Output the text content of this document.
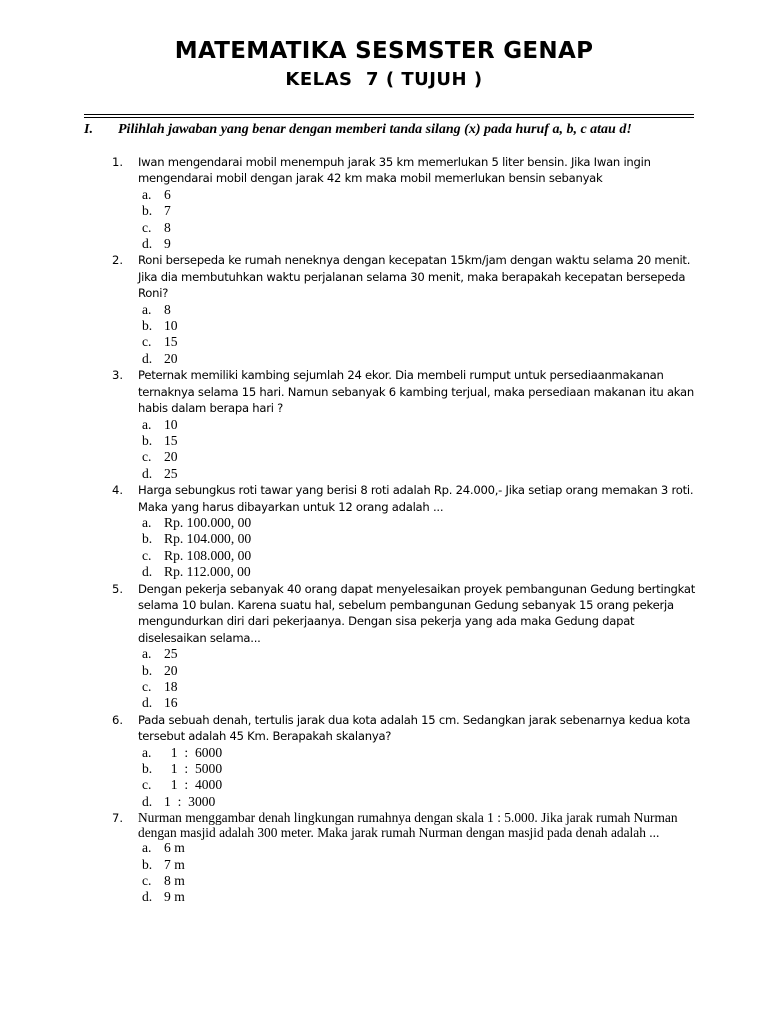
MATEMATIKA SESMSTER GENAP
KELAS  7 ( TUJUH )
I. Pilihlah jawaban yang benar dengan memberi tanda silang (x) pada huruf a, b, c atau d!
1. Iwan mengendarai mobil menempuh jarak 35 km memerlukan 5 liter bensin. Jika Iwan ingin mengendarai mobil dengan jarak 42 km maka mobil memerlukan bensin sebanyak

a. 6
b. 7
c. 8
d. 9
2. Roni bersepeda ke rumah neneknya dengan kecepatan 15km/jam dengan waktu selama 20 menit. Jika dia membutuhkan waktu perjalanan selama 30 menit, maka berapakah kecepatan bersepeda Roni?

a. 8
b. 10
c. 15
d. 20
3. Peternak memiliki kambing sejumlah 24 ekor. Dia membeli rumput untuk persediaanmakanan ternaknya selama 15 hari. Namun sebanyak 6 kambing terjual, maka persediaan makanan itu akan habis dalam berapa hari ?

a. 10
b. 15
c. 20
d. 25
4. Harga sebungkus roti tawar yang berisi 8 roti adalah Rp. 24.000,- Jika setiap orang memakan 3 roti. Maka yang harus dibayarkan untuk 12 orang adalah ...

a. Rp. 100.000, 00
b. Rp. 104.000, 00
c. Rp. 108.000, 00
d. Rp. 112.000, 00
5. Dengan pekerja sebanyak 40 orang dapat menyelesaikan proyek pembangunan Gedung bertingkat selama 10 bulan. Karena suatu hal, sebelum pembangunan Gedung sebanyak 15 orang pekerja mengundurkan diri dari pekerjaanya. Dengan sisa pekerja yang ada maka Gedung dapat diselesaikan selama...

a. 25
b. 20
c. 18
d. 16
6. Pada sebuah denah, tertulis jarak dua kota adalah 15 cm. Sedangkan jarak sebenarnya kedua kota tersebut adalah 45 Km. Berapakah skalanya?

a.  1  :  6000
b.  1  :  5000
c.  1  :  4000
d. 1  :  3000
7. Nurman menggambar denah lingkungan rumahnya dengan skala 1 : 5.000. Jika jarak rumah Nurman dengan masjid adalah 300 meter. Maka jarak rumah Nurman dengan masjid pada denah adalah ...

a. 6 m
b. 7 m
c. 8 m
d. 9 m
